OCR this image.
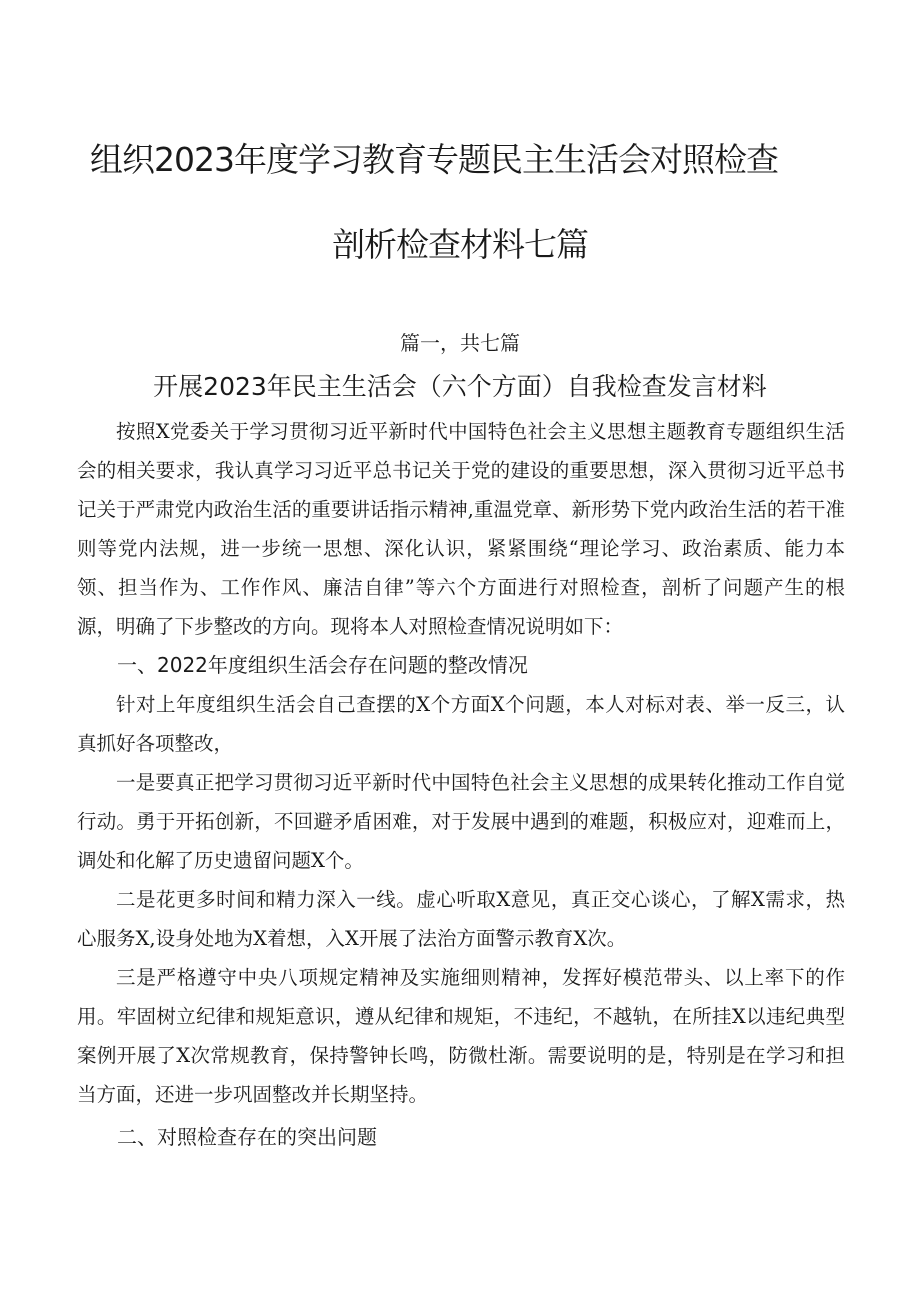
组织2023年度学习教育专题民主生活会对照检查
剖析检查材料七篇
篇一，共七篇
开展2023年民主生活会（六个方面）自我检查发言材料

按照X党委关于学习贯彻习近平新时代中国特色社会主义思想主题教育专题组织生活会的相关要求，我认真学习习近平总书记关于党的建设的重要思想，深入贯彻习近平总书记关于严肃党内政治生活的重要讲话指示精神,重温党章、新形势下党内政治生活的若干准则等党内法规，进一步统一思想、深化认识，紧紧围绕“理论学习、政治素质、能力本领、担当作为、工作作风、廉洁自律”等六个方面进行对照检查，剖析了问题产生的根源，明确了下步整改的方向。现将本人对照检查情况说明如下：

一、2022年度组织生活会存在问题的整改情况

针对上年度组织生活会自己查摆的X个方面X个问题，本人对标对表、举一反三，认真抓好各项整改，

一是要真正把学习贯彻习近平新时代中国特色社会主义思想的成果转化推动工作自觉行动。勇于开拓创新，不回避矛盾困难，对于发展中遇到的难题，积极应对，迎难而上，调处和化解了历史遗留问题X个。

二是花更多时间和精力深入一线。虚心听取X意见，真正交心谈心，了解X需求，热心服务X,设身处地为X着想，入X开展了法治方面警示教育X次。

三是严格遵守中央八项规定精神及实施细则精神，发挥好模范带头、以上率下的作用。牢固树立纪律和规矩意识，遵从纪律和规矩，不违纪，不越轨，在所挂X以违纪典型案例开展了X次常规教育，保持警钟长鸣，防微杜渐。需要说明的是，特别是在学习和担当方面，还进一步巩固整改并长期坚持。

二、对照检查存在的突出问题
